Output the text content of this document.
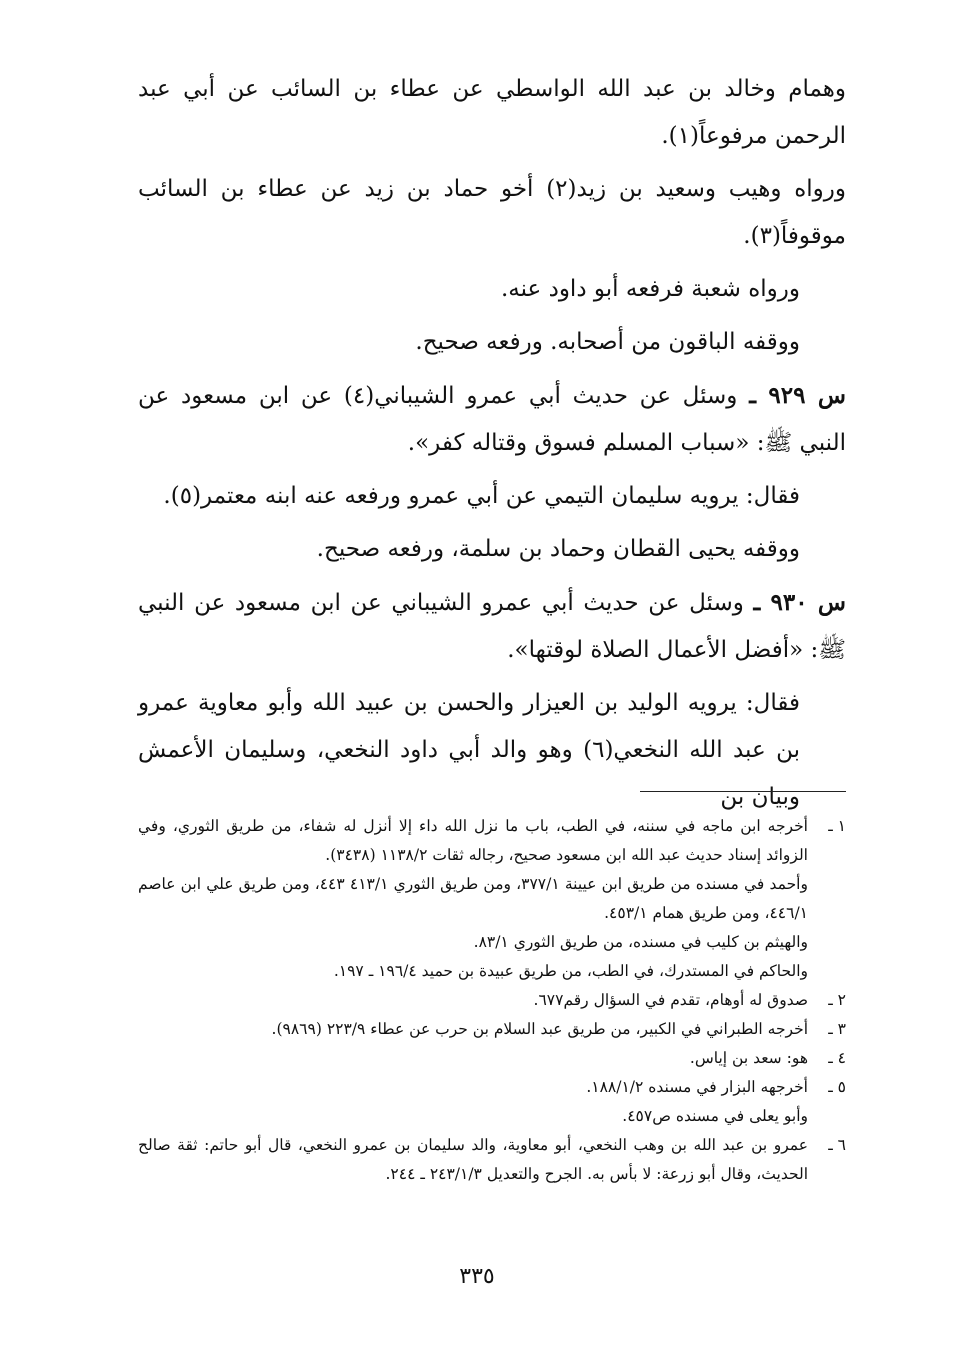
وهمام وخالد بن عبد الله الواسطي عن عطاء بن السائب عن أبي عبد الرحمن مرفوعاً(١).

ورواه وهيب وسعيد بن زيد(٢) أخو حماد بن زيد عن عطاء بن السائب موقوفاً(٣).

ورواه شعبة فرفعه أبو داود عنه.

ووقفه الباقون من أصحابه. ورفعه صحيح.

س ٩٢٩ ـ وسئل عن حديث أبي عمرو الشيباني(٤) عن ابن مسعود عن النبي ﷺ: «سباب المسلم فسوق وقتاله كفر».

فقال: يرويه سليمان التيمي عن أبي عمرو ورفعه عنه ابنه معتمر(٥).

ووقفه يحيى القطان وحماد بن سلمة، ورفعه صحيح.

س ٩٣٠ ـ وسئل عن حديث أبي عمرو الشيباني عن ابن مسعود عن النبي ﷺ: «أفضل الأعمال الصلاة لوقتها».

فقال: يرويه الوليد بن العيزار والحسن بن عبيد الله وأبو معاوية عمرو بن عبد الله النخعي(٦) وهو والد أبي داود النخعي، وسليمان الأعمش وبيان بن

١ ـ
أخرجه ابن ماجه في سننه، في الطب، باب ما نزل الله داء إلا أنزل له شفاء، من طريق الثوري، وفي الزوائد إسناد حديث عبد الله ابن مسعود صحيح، رجاله ثقات ١١٣٨/٢ (٣٤٣٨).
وأحمد في مسنده من طريق ابن عيينة ٣٧٧/١، ومن طريق الثوري ٤١٣/١ ٤٤٣، ومن طريق علي ابن عاصم ٤٤٦/١، ومن طريق همام ٤٥٣/١.
والهيثم بن كليب في مسنده، من طريق الثوري ٨٣/١.
والحاكم في المستدرك، في الطب، من طريق عبيدة بن حميد ١٩٦/٤ ـ ١٩٧.
٢ ـ
صدوق له أوهام، تقدم في السؤال رقم٦٧٧.
٣ ـ
أخرجه الطبراني في الكبير، من طريق عبد السلام بن حرب عن عطاء ٢٢٣/٩ (٩٨٦٩).
٤ ـ
هو: سعد بن إياس.
٥ ـ
أخرجهه البزار في مسنده ١٨٨/١/٢.
وأبو يعلى في مسنده ص٤٥٧.
٦ ـ
عمرو بن عبد الله بن وهب النخعي، أبو معاوية، والد سليمان بن عمرو النخعي، قال أبو حاتم: ثقة صالح الحديث، وقال أبو زرعة: لا بأس به. الجرح والتعديل ٢٤٣/١/٣ ـ ٢٤٤.
٣٣٥
